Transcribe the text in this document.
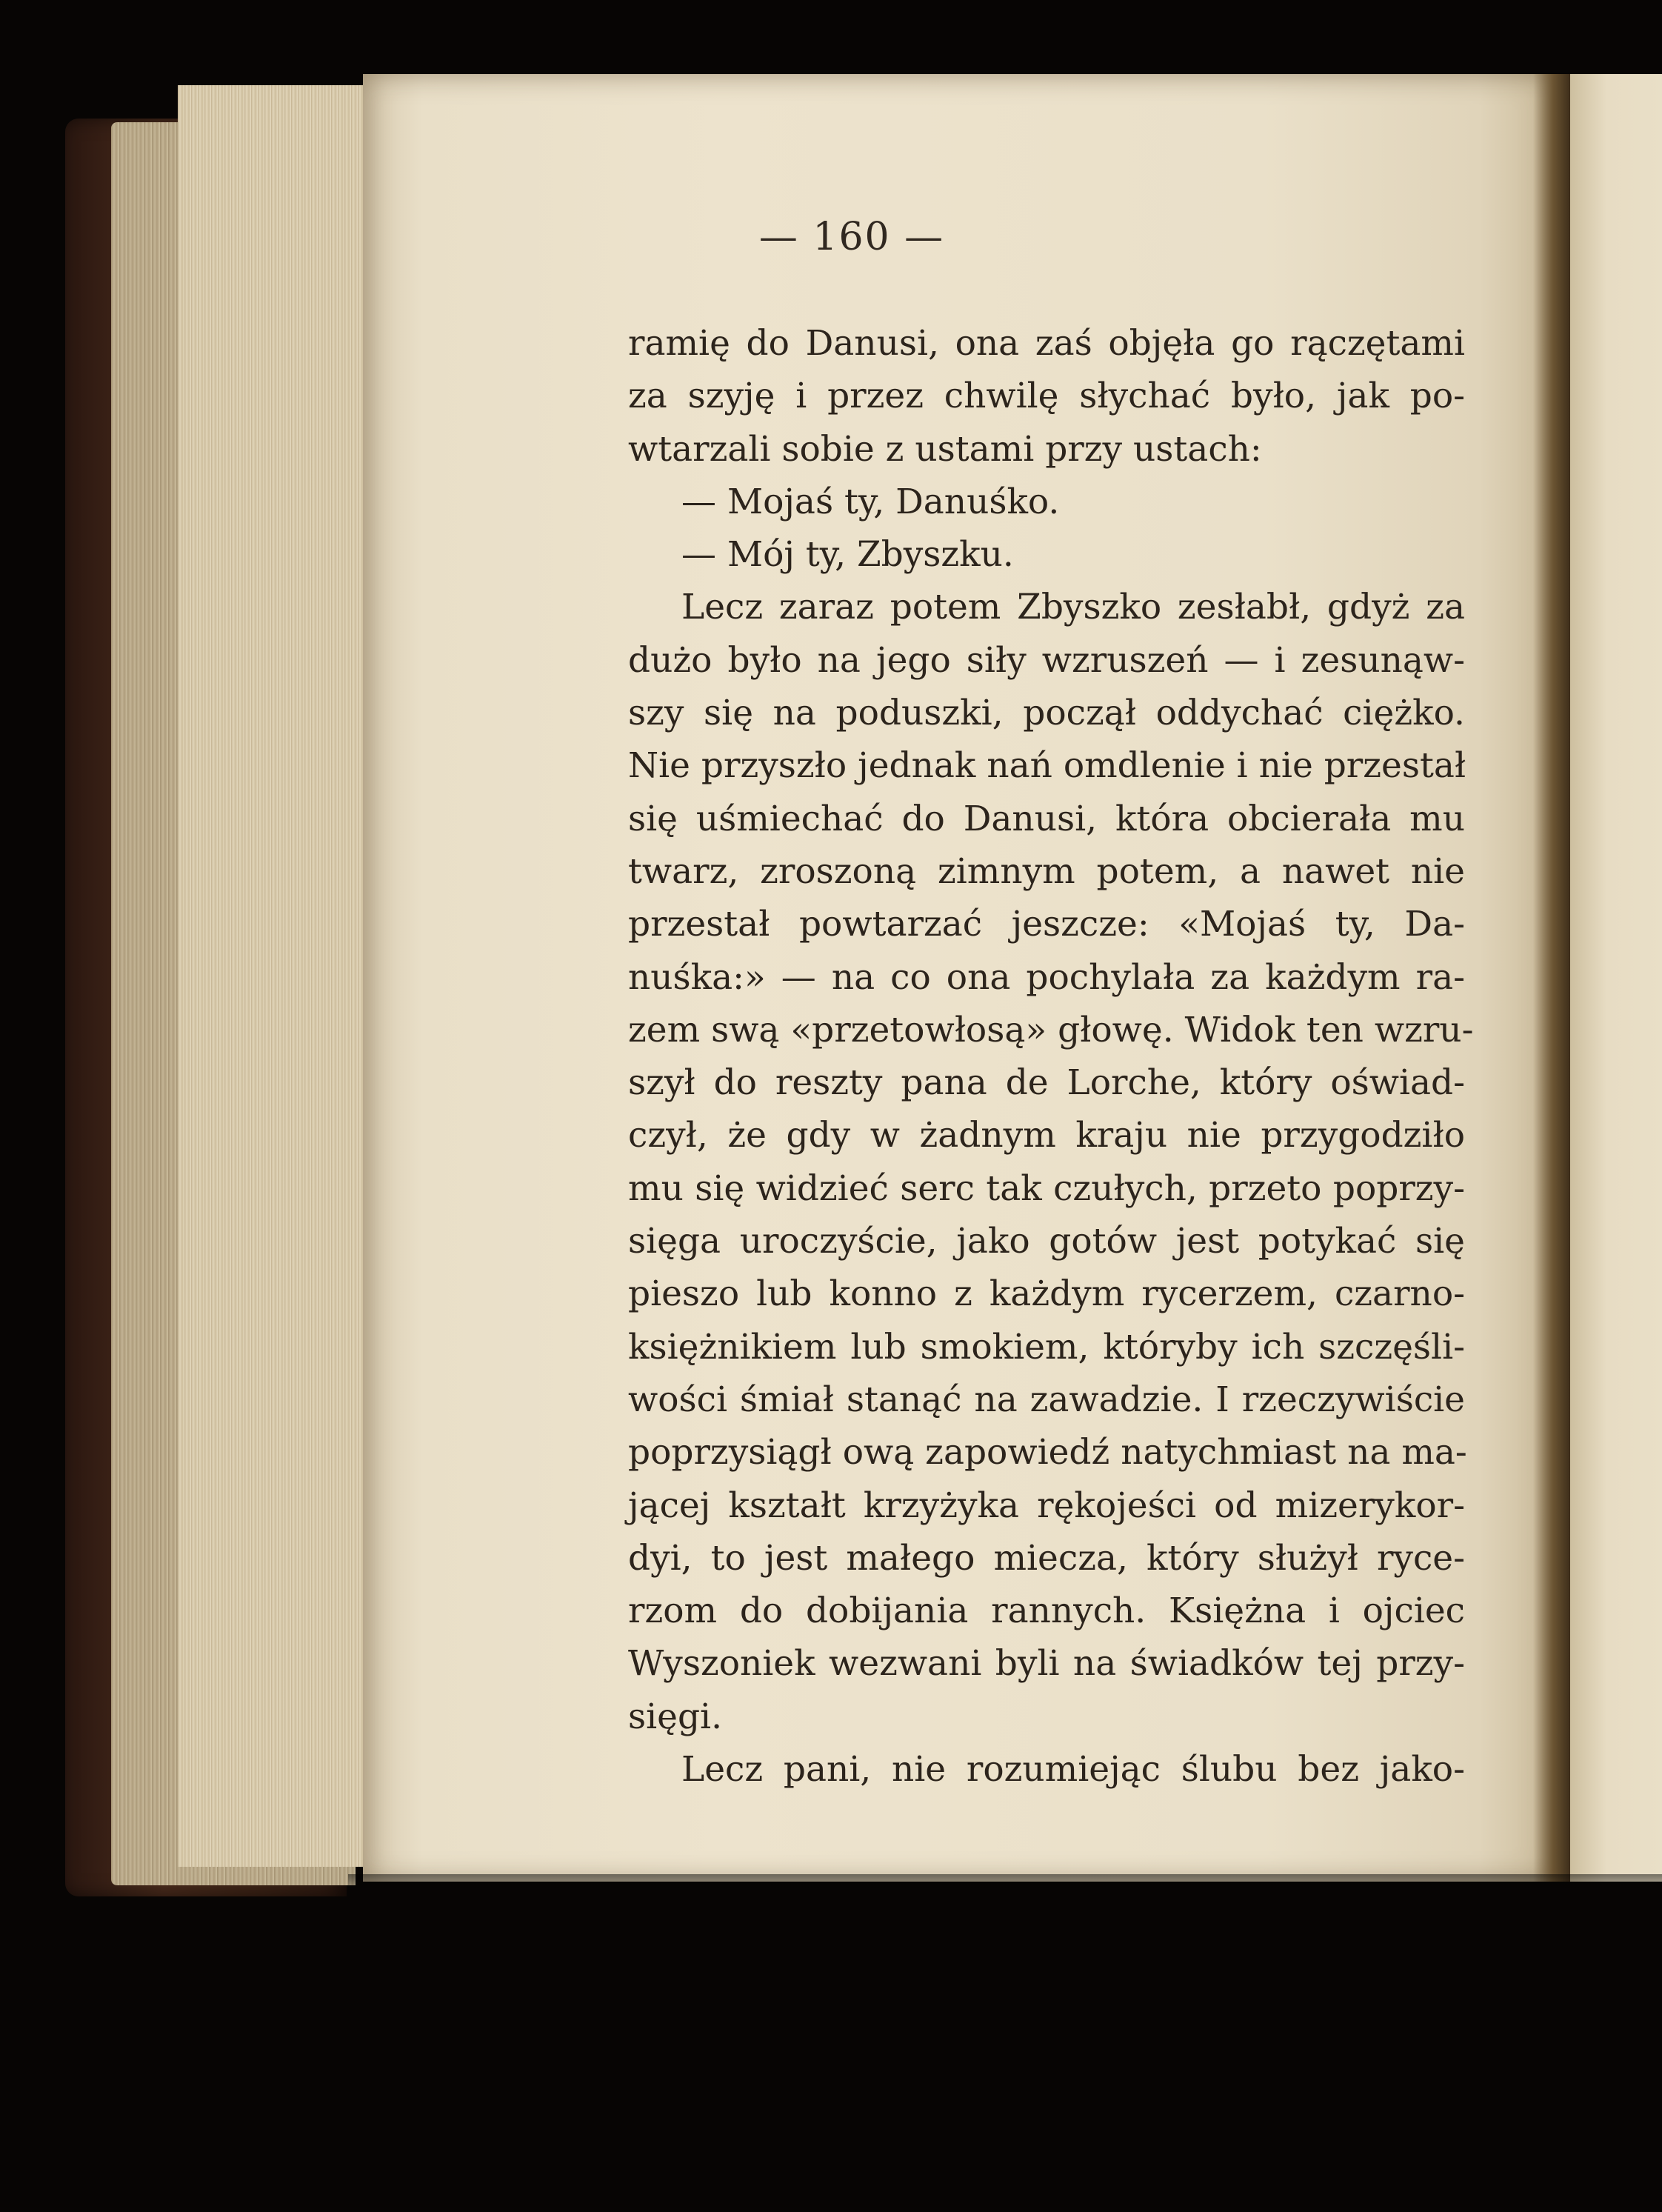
— 160 —
ramię do Danusi, ona zaś objęła go rączętami
za szyję i przez chwilę słychać było, jak po-
wtarzali sobie z ustami przy ustach:
— Mojaś ty, Danuśko.
— Mój ty, Zbyszku.
Lecz zaraz potem Zbyszko zesłabł, gdyż za
dużo było na jego siły wzruszeń — i zesunąw-
szy się na poduszki, począł oddychać ciężko.
Nie przyszło jednak nań omdlenie i nie przestał
się uśmiechać do Danusi, która obcierała mu
twarz, zroszoną zimnym potem, a nawet nie
przestał powtarzać jeszcze: «Mojaś ty, Da-
nuśka:» — na co ona pochylała za każdym ra-
zem swą «przetowłosą» głowę. Widok ten wzru-
szył do reszty pana de Lorche, który oświad-
czył, że gdy w żadnym kraju nie przygodziło
mu się widzieć serc tak czułych, przeto poprzy-
sięga uroczyście, jako gotów jest potykać się
pieszo lub konno z każdym rycerzem, czarno-
księżnikiem lub smokiem, któryby ich szczęśli-
wości śmiał stanąć na zawadzie. I rzeczywiście
poprzysiągł ową zapowiedź natychmiast na ma-
jącej kształt krzyżyka rękojeści od mizerykor-
dyi, to jest małego miecza, który służył ryce-
rzom do dobijania rannych. Księżna i ojciec
Wyszoniek wezwani byli na świadków tej przy-
sięgi.
Lecz pani, nie rozumiejąc ślubu bez jako-
